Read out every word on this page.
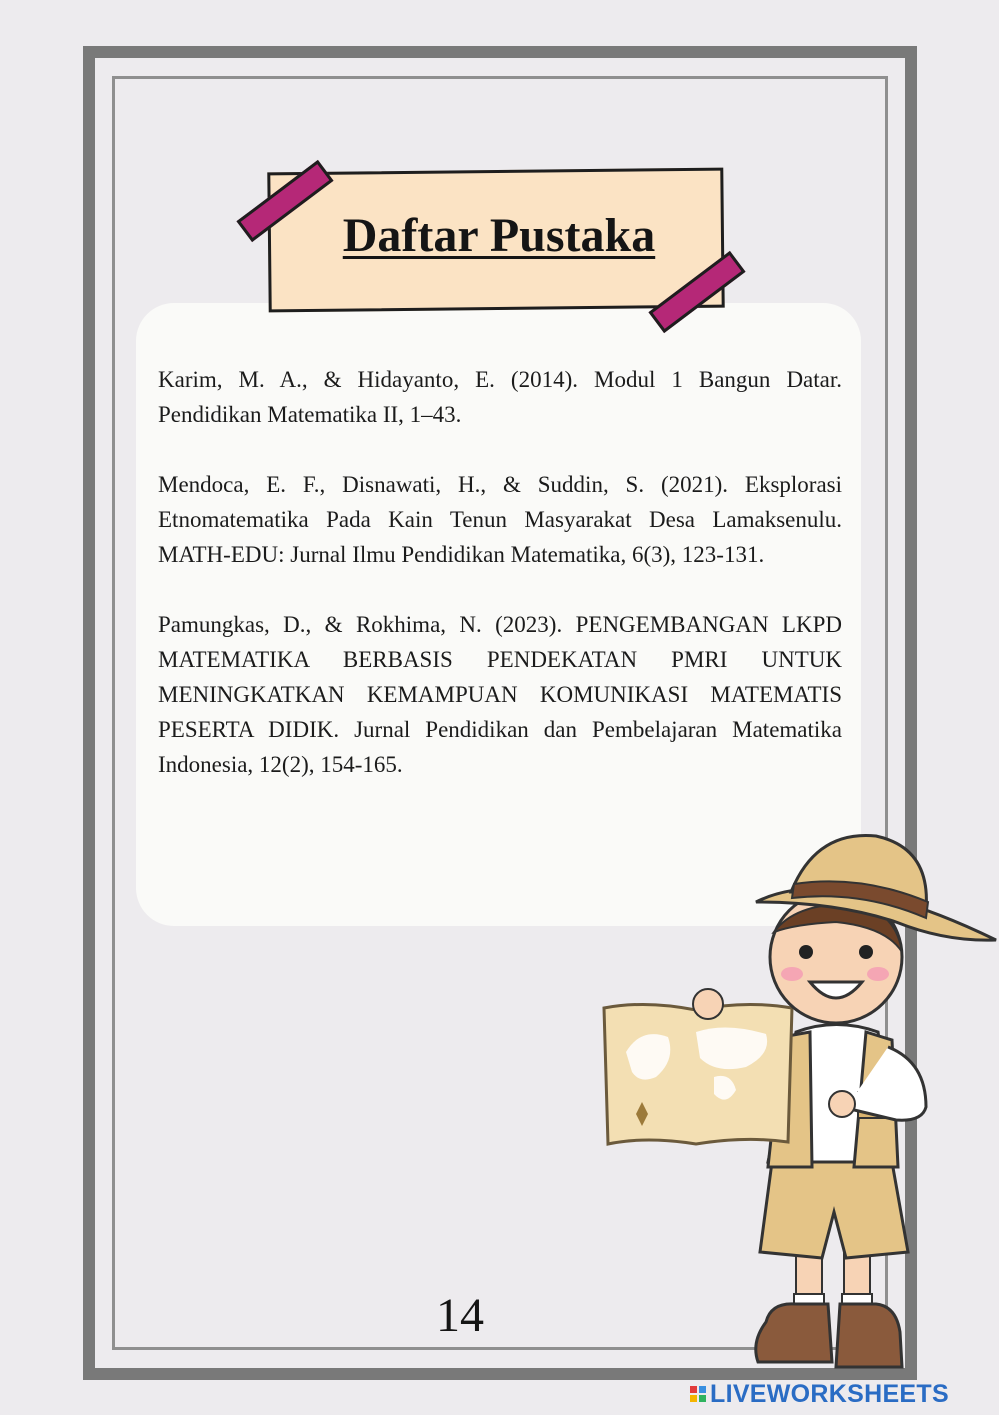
Daftar Pustaka

Karim, M. A., & Hidayanto, E. (2014). Modul 1 Bangun Datar. Pendidikan Matematika II, 1–43.

Mendoca, E. F., Disnawati, H., & Suddin, S. (2021). Eksplorasi Etnomatematika Pada Kain Tenun Masyarakat Desa Lamaksenulu. MATH-EDU: Jurnal Ilmu Pendidikan Matematika, 6(3), 123-131.

Pamungkas, D., & Rokhima, N. (2023). PENGEMBANGAN LKPD MATEMATIKA BERBASIS PENDEKATAN PMRI UNTUK MENINGKATKAN KEMAMPUAN KOMUNIKASI MATEMATIS PESERTA DIDIK. Jurnal Pendidikan dan Pembelajaran Matematika Indonesia, 12(2), 154-165.

14
LIVEWORKSHEETS
